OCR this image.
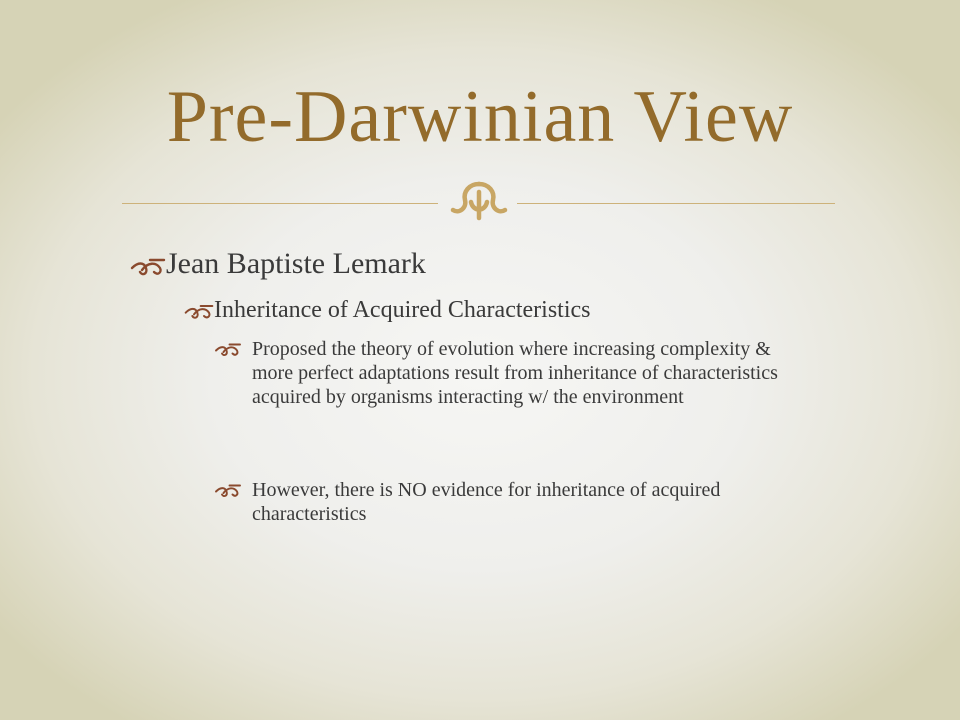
Pre-Darwinian View
Jean Baptiste Lemark
Inheritance of Acquired Characteristics
Proposed the theory of evolution where increasing complexity & more perfect adaptations result from inheritance of characteristics acquired by organisms interacting w/ the environment
However, there is NO evidence for inheritance of acquired characteristics
